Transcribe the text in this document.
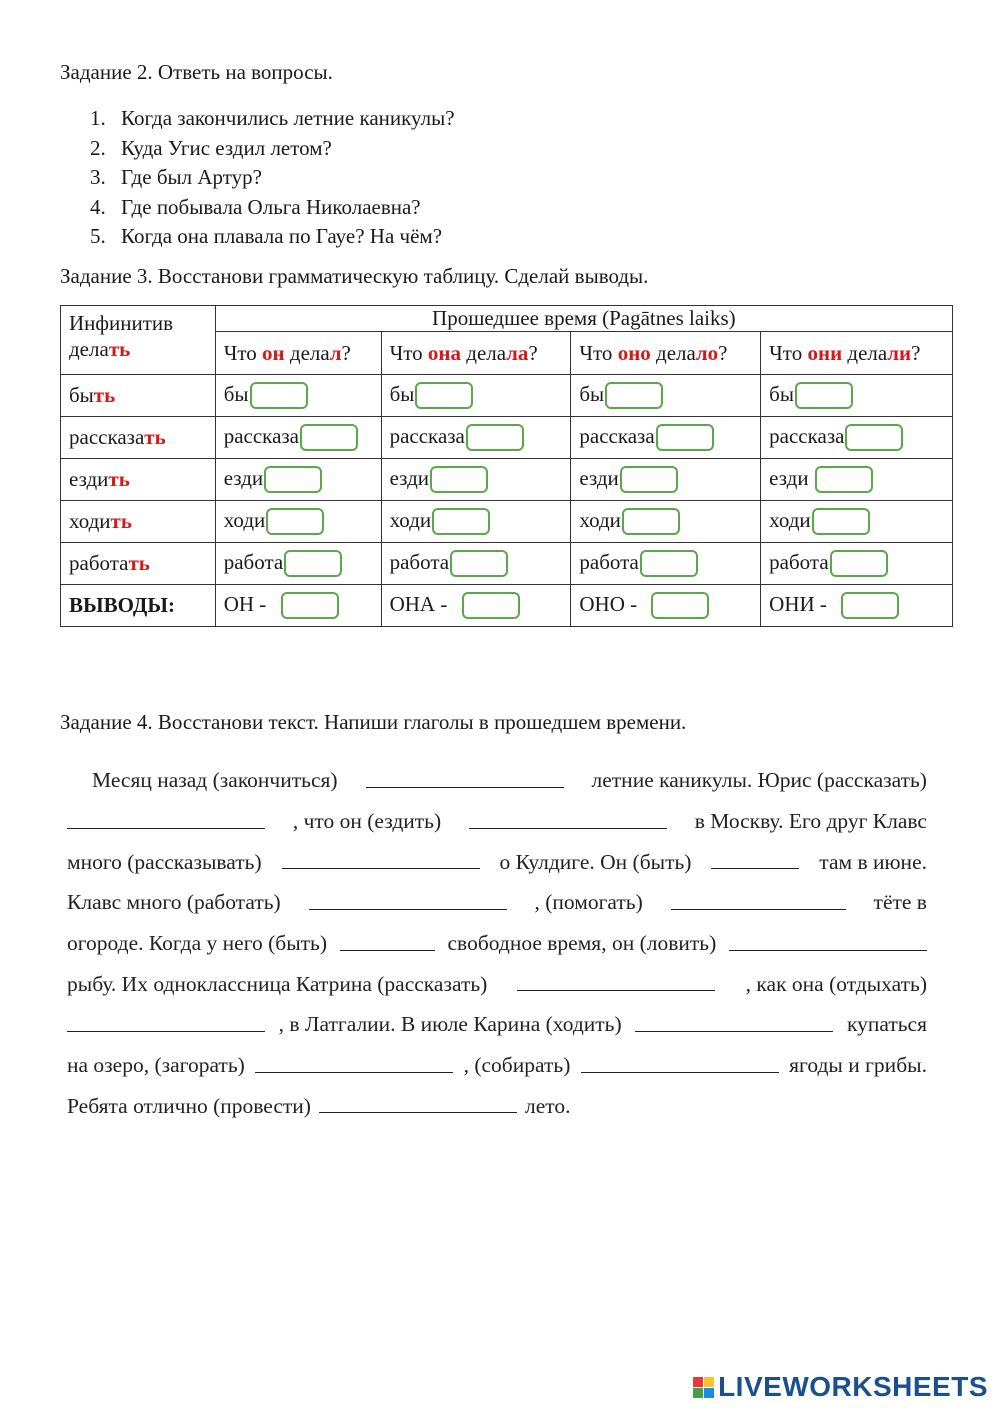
Задание 2. Ответь на вопросы.
1. Когда закончились летние каникулы?
2. Куда Угис ездил летом?
3. Где был Артур?
4. Где побывала Ольга Николаевна?
5. Когда она плавала по Гауе? На чём?
Задание 3. Восстанови грамматическую таблицу. Сделай выводы.
Инфинитив
делать	Прошедшее время (Pagātnes laiks)			
	Что он делал?	Что она делала?	Что оно делало?	Что они делали?
быть	бы	бы	бы	бы
рассказать	рассказа	рассказа	рассказа	рассказа
ездить	езди	езди	езди	езди
ходить	ходи	ходи	ходи	ходи
работать	работа	работа	работа	работа
ВЫВОДЫ:	ОН -	ОНА -	ОНО -	ОНИ -
Задание 4. Восстанови текст. Напиши глаголы в прошедшем времени.
Месяц назад (закончиться)	летние каникулы. Юрис (рассказать)
, что он (ездить)	в Москву. Его друг Клавс
много (рассказывать)	о Кулдиге. Он (быть)	там в июне.
Клавс много (работать)	, (помогать)	тёте в
огороде. Когда у него (быть)	свободное время, он (ловить)
рыбу. Их одноклассница Катрина (рассказать)	, как она (отдыхать)
, в Латгалии. В июле Карина (ходить)	купаться
на озеро, (загорать)	, (собирать)	ягоды и грибы.
Ребята отлично (провести)	лето.
LIVEWORKSHEETS
